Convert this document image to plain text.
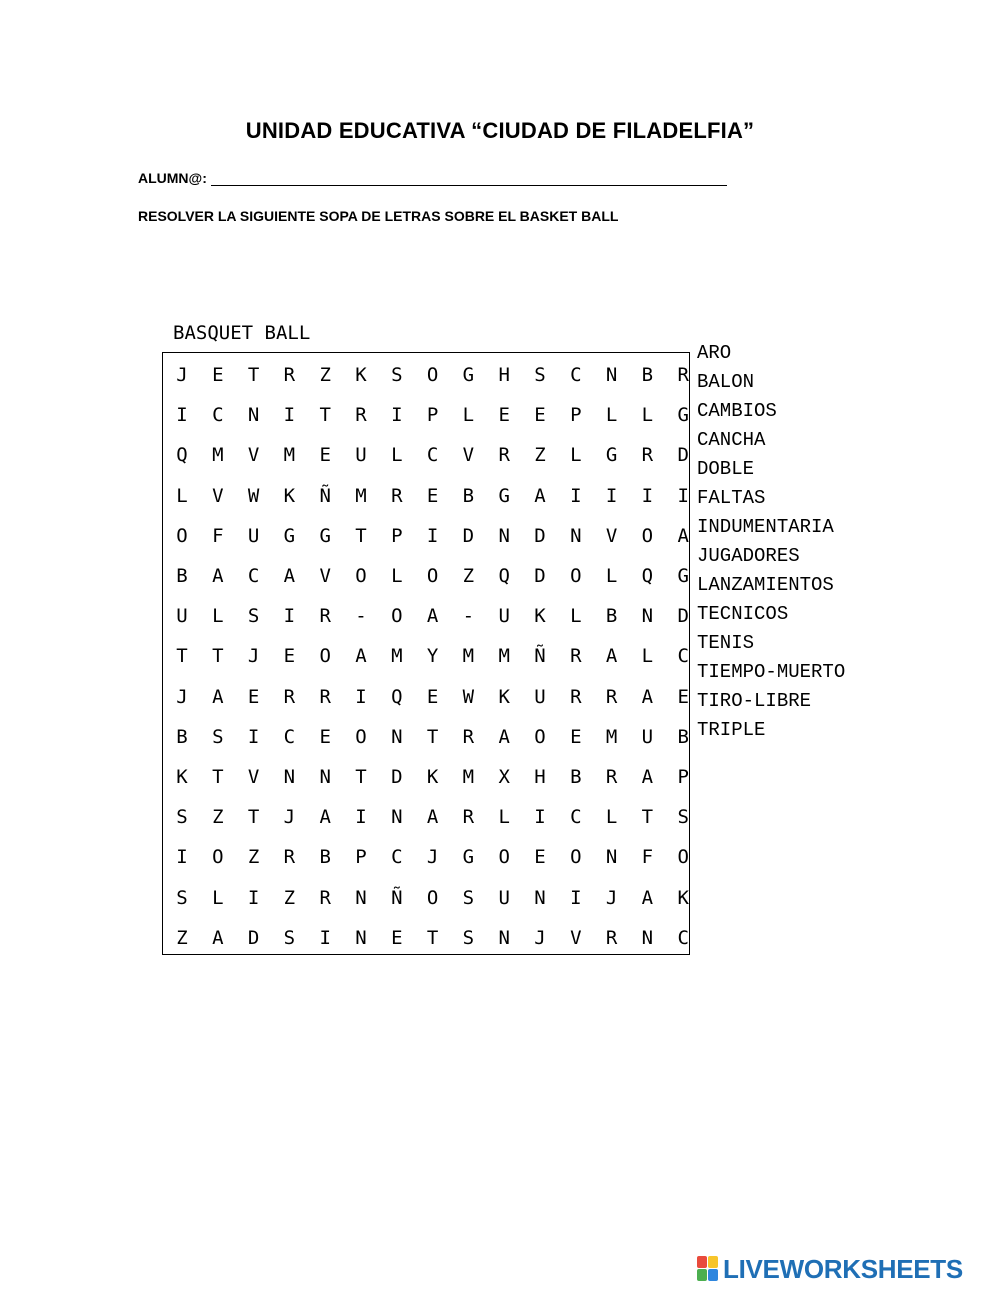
UNIDAD EDUCATIVA “CIUDAD DE FILADELFIA”
ALUMN@:
RESOLVER LA SIGUIENTE SOPA DE LETRAS SOBRE EL BASKET BALL
BASQUET BALL
J	E	T	R	Z	K	S	O	G	H	S	C	N	B	R
I	C	N	I	T	R	I	P	L	E	E	P	L	L	G
Q	M	V	M	E	U	L	C	V	R	Z	L	G	R	D
L	V	W	K	Ñ	M	R	E	B	G	A	I	I	I	I
O	F	U	G	G	T	P	I	D	N	D	N	V	O	A
B	A	C	A	V	O	L	O	Z	Q	D	O	L	Q	G
U	L	S	I	R	-	O	A	-	U	K	L	B	N	D
T	T	J	E	O	A	M	Y	M	M	Ñ	R	A	L	C
J	A	E	R	R	I	Q	E	W	K	U	R	R	A	E
B	S	I	C	E	O	N	T	R	A	O	E	M	U	B
K	T	V	N	N	T	D	K	M	X	H	B	R	A	P
S	Z	T	J	A	I	N	A	R	L	I	C	L	T	S
I	O	Z	R	B	P	C	J	G	O	E	O	N	F	O
S	L	I	Z	R	N	Ñ	O	S	U	N	I	J	A	K
Z	A	D	S	I	N	E	T	S	N	J	V	R	N	C
ARO
BALON
CAMBIOS
CANCHA
DOBLE
FALTAS
INDUMENTARIA
JUGADORES
LANZAMIENTOS
TECNICOS
TENIS
TIEMPO-MUERTO
TIRO-LIBRE
TRIPLE
LIVEWORKSHEETS
